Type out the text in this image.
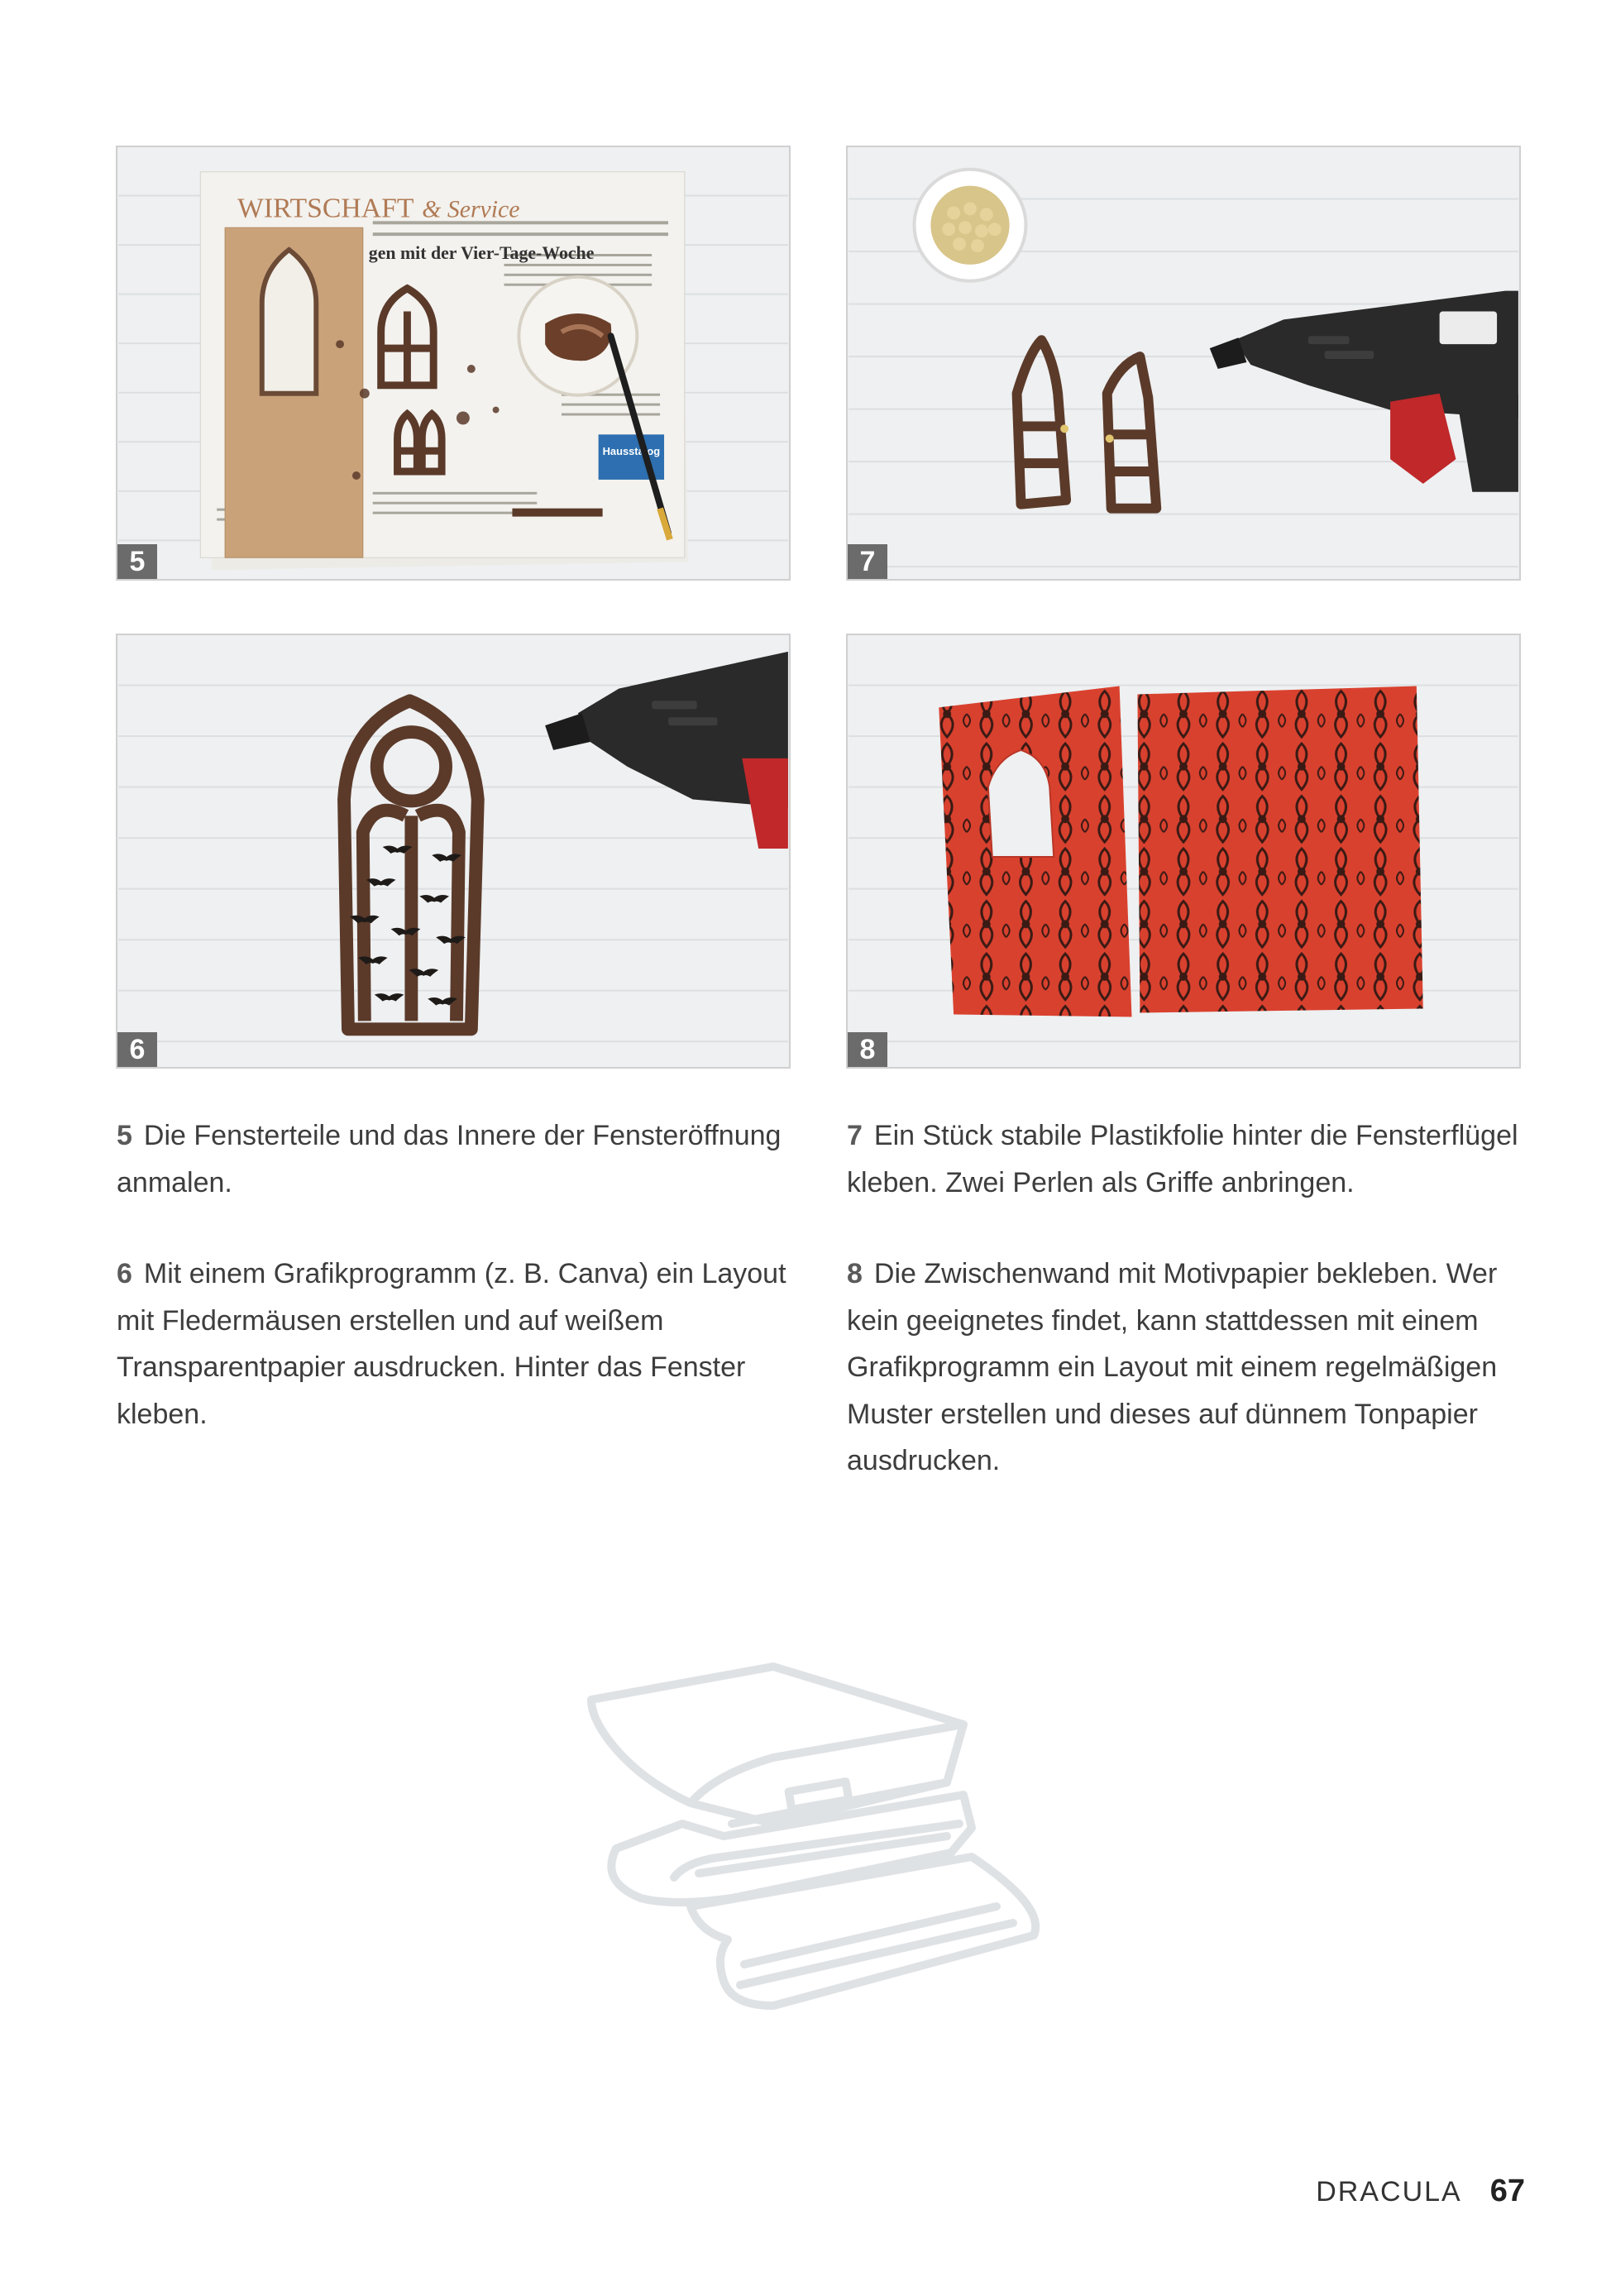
WIRTSCHAFT & Service
gen mit der Vier-Tage-Woche
Hausstalog
5	7
6	8

5 Die Fensterteile und das Innere der Fensteröffnung anmalen.

6 Mit einem Grafikprogramm (z. B. Canva) ein Layout mit Fledermäusen erstellen und auf weißem Transparentpapier ausdrucken. Hinter das Fenster kleben.

7 Ein Stück stabile Plastikfolie hinter die Fensterflügel kleben. Zwei Perlen als Griffe anbringen.

8 Die Zwischenwand mit Motivpapier bekleben. Wer kein geeignetes findet, kann stattdessen mit einem Grafikprogramm ein Layout mit einem regelmäßigen Muster erstellen und dieses auf dünnem Tonpapier ausdrucken.

DRACULA 67
